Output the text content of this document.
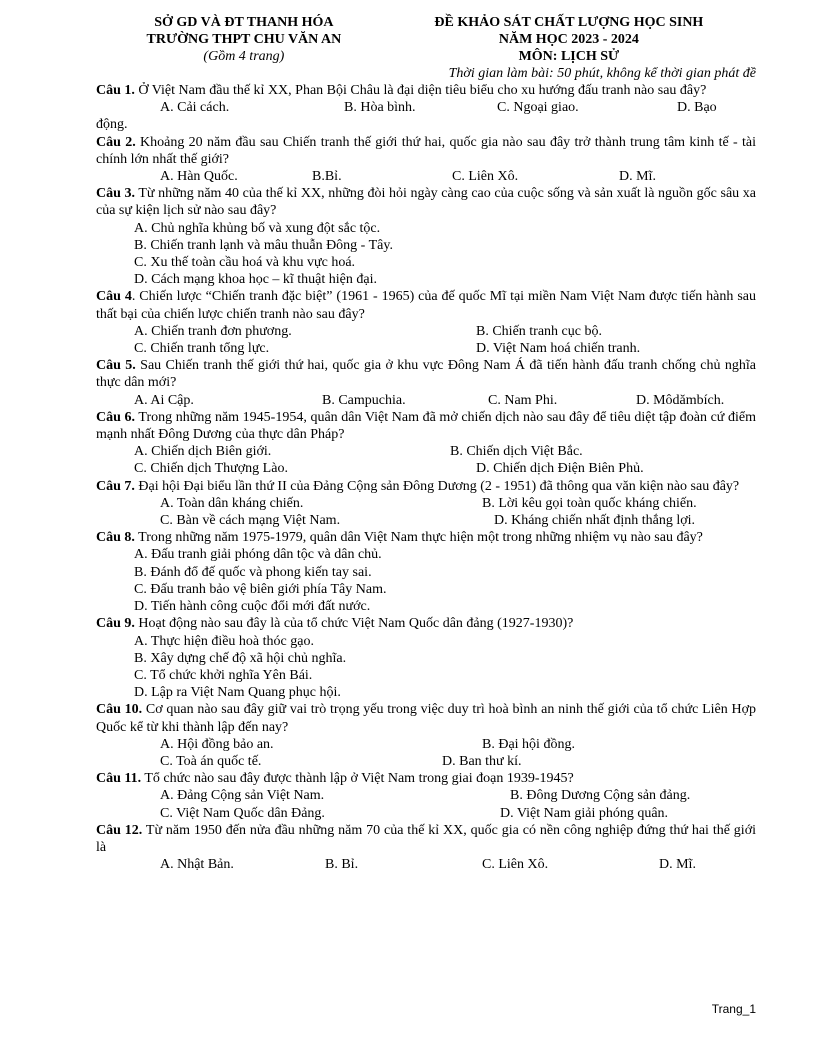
SỞ GD VÀ ĐT THANH HÓA
TRƯỜNG THPT CHU VĂN AN
(Gồm 4 trang)
ĐỀ KHẢO SÁT CHẤT LƯỢNG HỌC SINH
NĂM HỌC 2023 - 2024
MÔN: LỊCH SỬ
Thời gian làm bài: 50 phút, không kể thời gian phát đề
Câu 1. Ở Việt Nam đầu thế kỉ XX, Phan Bội Châu là đại diện tiêu biểu cho xu hướng đấu tranh nào sau đây?
A. Cải cách.	B. Hòa bình.	C. Ngoại giao.	D. Bạo
động.
Câu 2. Khoảng 20 năm đầu sau Chiến tranh thế giới thứ hai, quốc gia nào sau đây trở thành trung tâm kinh tế - tài chính lớn nhất thế giới?
A. Hàn Quốc.	B.Bỉ.	C. Liên Xô.	D. Mĩ.
Câu 3. Từ những năm 40 của thế kỉ XX, những đòi hỏi ngày càng cao của cuộc sống và sản xuất là nguồn gốc sâu xa của sự kiện lịch sử nào sau đây?
A. Chủ nghĩa khủng bố và xung đột sắc tộc.
B. Chiến tranh lạnh và mâu thuẫn Đông - Tây.
C. Xu thế toàn cầu hoá và khu vực hoá.
D. Cách mạng khoa học – kĩ thuật hiện đại.
Câu 4. Chiến lược “Chiến tranh đặc biệt” (1961 - 1965) của đế quốc Mĩ tại miền Nam Việt Nam được tiến hành sau thất bại của chiến lược chiến tranh nào sau đây?
A. Chiến tranh đơn phương.	B. Chiến tranh cục bộ.
C. Chiến tranh tổng lực.	D. Việt Nam hoá chiến tranh.
Câu 5. Sau Chiến tranh thế giới thứ hai, quốc gia ở khu vực Đông Nam Á đã tiến hành đấu tranh chống chủ nghĩa thực dân mới?
A. Ai Cập.	B. Campuchia.	C. Nam Phi.	D. Môdămbích.
Câu 6. Trong những năm 1945-1954, quân dân Việt Nam đã mở chiến dịch nào sau đây để tiêu diệt tập đoàn cứ điểm mạnh nhất Đông Dương của thực dân Pháp?
A. Chiến dịch Biên giới.	B. Chiến dịch Việt Bắc.
C. Chiến dịch Thượng Lào.	D. Chiến dịch Điện Biên Phủ.
Câu 7. Đại hội Đại biểu lần thứ II của Đảng Cộng sản Đông Dương (2 - 1951) đã thông qua văn kiện nào sau đây?
A. Toàn dân kháng chiến.	B. Lời kêu gọi toàn quốc kháng chiến.
C. Bàn về cách mạng Việt Nam.	D. Kháng chiến nhất định thắng lợi.
Câu 8. Trong những năm 1975-1979, quân dân Việt Nam thực hiện một trong những nhiệm vụ nào sau đây?
A. Đấu tranh giải phóng dân tộc và dân chủ.
B. Đánh đổ đế quốc và phong kiến tay sai.
C. Đấu tranh bảo vệ biên giới phía Tây Nam.
D. Tiến hành công cuộc đổi mới đất nước.
Câu 9. Hoạt động nào sau đây là của tổ chức Việt Nam Quốc dân đảng (1927-1930)?
A. Thực hiện điều hoà thóc gạo.
B. Xây dựng chế độ xã hội chủ nghĩa.
C. Tổ chức khởi nghĩa Yên Bái.
D. Lập ra Việt Nam Quang phục hội.
Câu 10. Cơ quan nào sau đây giữ vai trò trọng yếu trong việc duy trì hoà bình an ninh thế giới của tổ chức Liên Hợp Quốc kể từ khi thành lập đến nay?
A. Hội đồng bảo an.	B. Đại hội đồng.
C. Toà án quốc tế.	D. Ban thư kí.
Câu 11. Tổ chức nào sau đây được thành lập ở Việt Nam trong giai đoạn 1939-1945?
A. Đảng Cộng sản Việt Nam.	B. Đông Dương Cộng sản đảng.
C. Việt Nam Quốc dân Đảng.	D. Việt Nam giải phóng quân.
Câu 12. Từ năm 1950 đến nửa đầu những năm 70 của thế kỉ XX, quốc gia có nền công nghiệp đứng thứ hai thế giới là
A. Nhật Bản.	B. Bỉ.	C. Liên Xô.	D. Mĩ.
Trang_1
